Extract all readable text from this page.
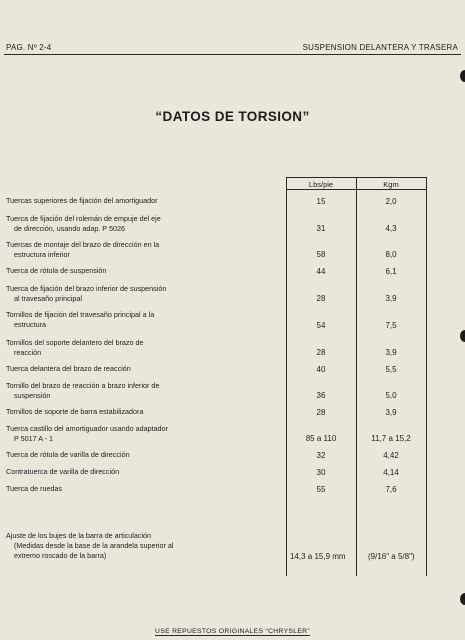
PAG. Nº 2-4	SUSPENSION DELANTERA Y TRASERA
“DATOS DE TORSION”
Lbs/pie	Kgm
Tuercas superiores de fijación del amortiguador	15	2,0
Tuerca de fijación del rolemán de empuje del eje
de dirección, usando adap. P 5026	31	4,3
Tuercas de montaje del brazo de dirección en la
estructura inferior	58	8,0
Tuerca de rótula de suspensión	44	6,1
Tuerca de fijación del brazo inferior de suspensión
al travesaño principal	28	3,9
Tornillos de fijación del travesaño principal a la
estructura	54	7,5
Tornillos del soporte delantero del brazo de
reacción	28	3,9
Tuerca delantera del brazo de reacción	40	5,5
Tornillo del brazo de reacción a brazo inferior de
suspensión	36	5,0
Tornillos de soporte de barra estabilizadora	28	3,9
Tuerca castillo del amortiguador usando adaptador
P 5017 A - 1	85 a 110	11,7 a 15,2
Tuerca de rótula de varilla de dirección	32	4,42
Contratuerca de varilla de dirección	30	4,14
Tuerca de ruedas	55	7,6
Ajuste de los bujes de la barra de articulación
(Medidas desde la base de la arandela superior al
extremo roscado de la barra)	14,3 a 15,9 mm	(9/16" a 5/8")
USE REPUESTOS ORIGINALES “CHRYSLER”
